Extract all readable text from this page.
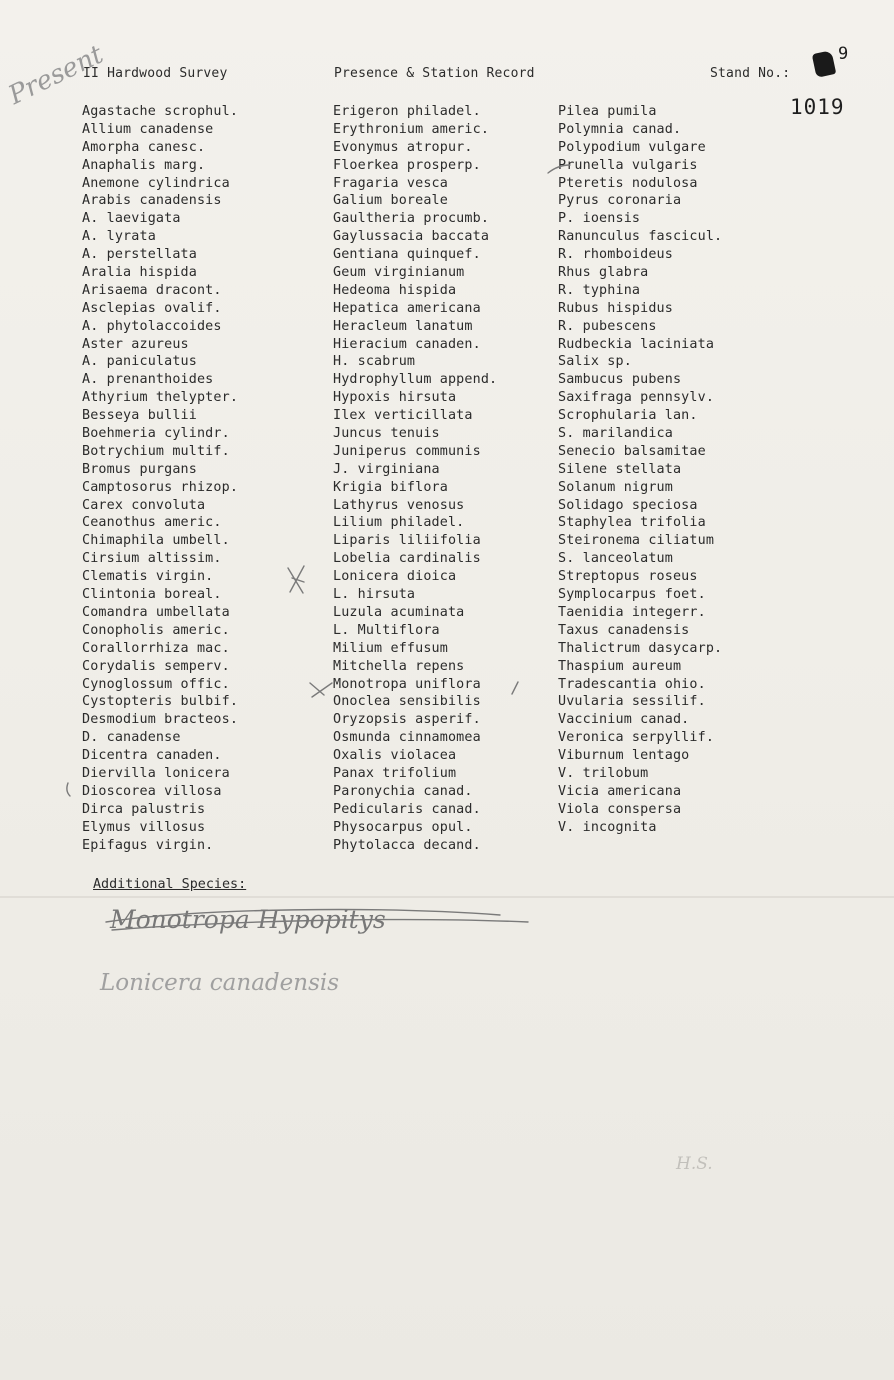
II Hardwood Survey	Presence & Station Record	Stand No.:
9
1019
Present
Agastache scrophul.
Allium canadense
Amorpha canesc.
Anaphalis marg.
Anemone cylindrica
Arabis canadensis
A. laevigata
A. lyrata
A. perstellata
Aralia hispida
Arisaema dracont.
Asclepias ovalif.
A. phytolaccoides
Aster azureus
A. paniculatus
A. prenanthoides
Athyrium thelypter.
Besseya bullii
Boehmeria cylindr.
Botrychium multif.
Bromus purgans
Camptosorus rhizop.
Carex convoluta
Ceanothus americ.
Chimaphila umbell.
Cirsium altissim.
Clematis virgin.
Clintonia boreal.
Comandra umbellata
Conopholis americ.
Corallorrhiza mac.
Corydalis semperv.
Cynoglossum offic.
Cystopteris bulbif.
Desmodium bracteos.
D. canadense
Dicentra canaden.
Diervilla lonicera
Dioscorea villosa
Dirca palustris
Elymus villosus
Epifagus virgin.
Erigeron philadel.
Erythronium americ.
Evonymus atropur.
Floerkea prosperp.
Fragaria vesca
Galium boreale
Gaultheria procumb.
Gaylussacia baccata
Gentiana quinquef.
Geum virginianum
Hedeoma hispida
Hepatica americana
Heracleum lanatum
Hieracium canaden.
H. scabrum
Hydrophyllum append.
Hypoxis hirsuta
Ilex verticillata
Juncus tenuis
Juniperus communis
J. virginiana
Krigia biflora
Lathyrus venosus
Lilium philadel.
Liparis liliifolia
Lobelia cardinalis
Lonicera dioica
L. hirsuta
Luzula acuminata
L. Multiflora
Milium effusum
Mitchella repens
Monotropa uniflora
Onoclea sensibilis
Oryzopsis asperif.
Osmunda cinnamomea
Oxalis violacea
Panax trifolium
Paronychia canad.
Pedicularis canad.
Physocarpus opul.
Phytolacca decand.
Pilea pumila
Polymnia canad.
Polypodium vulgare
Prunella vulgaris
Pteretis nodulosa
Pyrus coronaria
P. ioensis
Ranunculus fascicul.
R. rhomboideus
Rhus glabra
R. typhina
Rubus hispidus
R. pubescens
Rudbeckia laciniata
Salix sp.
Sambucus pubens
Saxifraga pennsylv.
Scrophularia lan.
S. marilandica
Senecio balsamitae
Silene stellata
Solanum nigrum
Solidago speciosa
Staphylea trifolia
Steironema ciliatum
S. lanceolatum
Streptopus roseus
Symplocarpus foet.
Taenidia integerr.
Taxus canadensis
Thalictrum dasycarp.
Thaspium aureum
Tradescantia ohio.
Uvularia sessilif.
Vaccinium canad.
Veronica serpyllif.
Viburnum lentago
V. trilobum
Vicia americana
Viola conspersa
V. incognita
Additional Species:
Monotropa Hypopitys
Lonicera canadensis
H.S.
